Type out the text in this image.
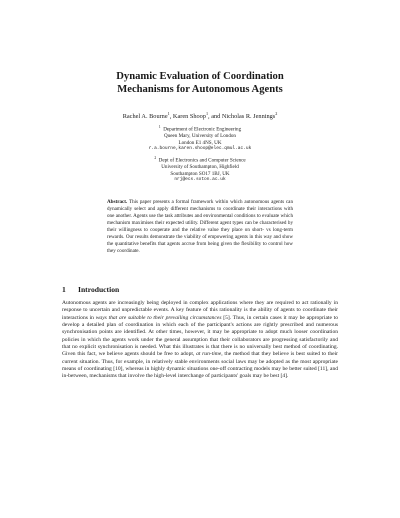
Dynamic Evaluation of Coordination
Mechanisms for Autonomous Agents
Rachel A. Bourne$^1$, Karen Shoop$^1$, and Nicholas R. Jennings$^2$
$^1$ Department of Electronic Engineering
Queen Mary, University of London
London E1 4NS, UK
r.a.bourne,karen.shoop@elec.qmul.ac.uk
$^2$ Dept of Electronics and Computer Science
University of Southampton, Highfield
Southampton SO17 1BJ, UK
nrj@ecs.soton.ac.uk
Abstract. This paper presents a formal framework within which autonomous agents can dynamically select and apply different mechanisms to coordinate their interactions with one another. Agents use the task attributes and environmental conditions to evaluate which mechanism maximises their expected utility. Different agent types can be characterised by their willingness to cooperate and the relative value they place on short- vs long-term rewards. Our results demonstrate the viability of empowering agents in this way and show the quantitative benefits that agents accrue from being given the flexibility to control how they coordinate.
1 Introduction
Autonomous agents are increasingly being deployed in complex applications where they are required to act rationally in response to uncertain and unpredictable events. A key feature of this rationality is the ability of agents to coordinate their interactions in ways that are suitable to their prevailing circumstances [5]. Thus, in certain cases it may be appropriate to develop a detailed plan of coordination in which each of the participant's actions are rightly prescribed and numerous synchronisation points are identified. At other times, however, it may be appropriate to adopt much looser coordination policies in which the agents work under the general assumption that their collaborators are progressing satisfactorily and that no explicit synchronisation is needed. What this illustrates is that there is no universally best method of coordinating. Given this fact, we believe agents should be free to adopt, at run-time, the method that they believe is best suited to their current situation. Thus, for example, in relatively stable environments social laws may be adopted as the most appropriate means of coordinating [10], whereas in highly dynamic situations one-off contracting models may be better suited [11], and in-between, mechanisms that involve the high-level interchange of participants' goals may be best [4].
